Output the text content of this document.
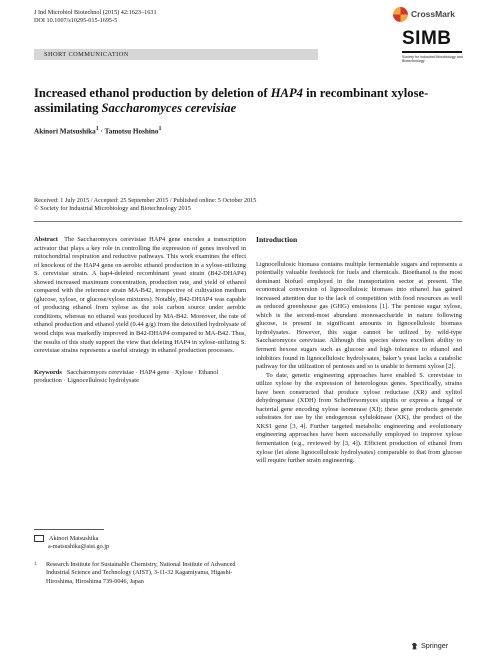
J Ind Microbiol Biotechnol (2015) 42:1623–1631
DOI 10.1007/s10295-015-1695-5
SHORT COMMUNICATION
CrossMark
SIMB
Society for Industrial Microbiology and Biotechnology
Increased ethanol production by deletion of HAP4 in recombinant xylose-assimilating Saccharomyces cerevisiae
Akinori Matsushika$^1$ · Tamotsu Hoshino$^1$
Received: 1 July 2015 / Accepted: 25 September 2015 / Published online: 5 October 2015
© Society for Industrial Microbiology and Biotechnology 2015

Abstract The Saccharomyces cerevisiae HAP4 gene encodes a transcription activator that plays a key role in controlling the expression of genes involved in mitochondrial respiration and reductive pathways. This work examines the effect of knockout of the HAP4 gene on aerobic ethanol production in a xylose-utilizing S. cerevisiae strain. A hap4-deleted recombinant yeast strain (B42-DHAP4) showed increased maximum concentration, production rate, and yield of ethanol compared with the reference strain MA-B42, irrespective of cultivation medium (glucose, xylose, or glucose/xylose mixtures). Notably, B42-DHAP4 was capable of producing ethanol from xylose as the sole carbon source under aerobic conditions, whereas no ethanol was produced by MA-B42. Moreover, the rate of ethanol production and ethanol yield (0.44 g/g) from the detoxified hydrolysate of wood chips was markedly improved in B42-DHAP4 compared to MA-B42. Thus, the results of this study support the view that deleting HAP4 in xylose-utilizing S. cerevisiae strains represents a useful strategy in ethanol production processes.

Keywords Saccharomyces cerevisiae · HAP4 gene · Xylose · Ethanol production · Lignocellulosic hydrolysate

Akinori Matsushika
a-matsushika@aist.go.jp
1 Research Institute for Sustainable Chemistry, National Institute of Advanced Industrial Science and Technology (AIST), 3-11-32 Kagamiyama, Higashi-Hiroshima, Hiroshima 739-0046, Japan
Introduction

Lignocellulosic biomass contains multiple fermentable sugars and represents a potentially valuable feedstock for fuels and chemicals. Bioethanol is the most dominant biofuel employed in the transportation sector at present. The economical conversion of lignocellulosic biomass into ethanol has gained increased attention due to the lack of competition with food resources as well as reduced greenhouse gas (GHG) emissions [1]. The pentose sugar xylose, which is the second-most abundant monosaccharide in nature following glucose, is present in significant amounts in lignocellulosic biomass hydrolysates. However, this sugar cannot be utilized by wild-type Saccharomyces cerevisiae. Although this species shows excellent ability to ferment hexose sugars such as glucose and high tolerance to ethanol and inhibitors found in lignocellulosic hydrolysates, baker’s yeast lacks a catabolic pathway for the utilization of pentoses and so is unable to ferment xylose [2].

To date, genetic engineering approaches have enabled S. cerevisiae to utilize xylose by the expression of heterologous genes. Specifically, strains have been constructed that produce xylose reductase (XR) and xylitol dehydrogenase (XDH) from Scheffersomyces stipitis or express a fungal or bacterial gene encoding xylose isomerase (XI); these gene products generate substrates for use by the endogenous xylulokinase (XK), the product of the XKS1 gene [3, 4]. Further targeted metabolic engineering and evolutionary engineering approaches have been successfully employed to improve xylose fermentation (e.g., reviewed by [3, 4]). Efficient production of ethanol from xylose (let alone lignocellulosic hydrolysates) comparable to that from glucose will require further strain engineering.

Springer
